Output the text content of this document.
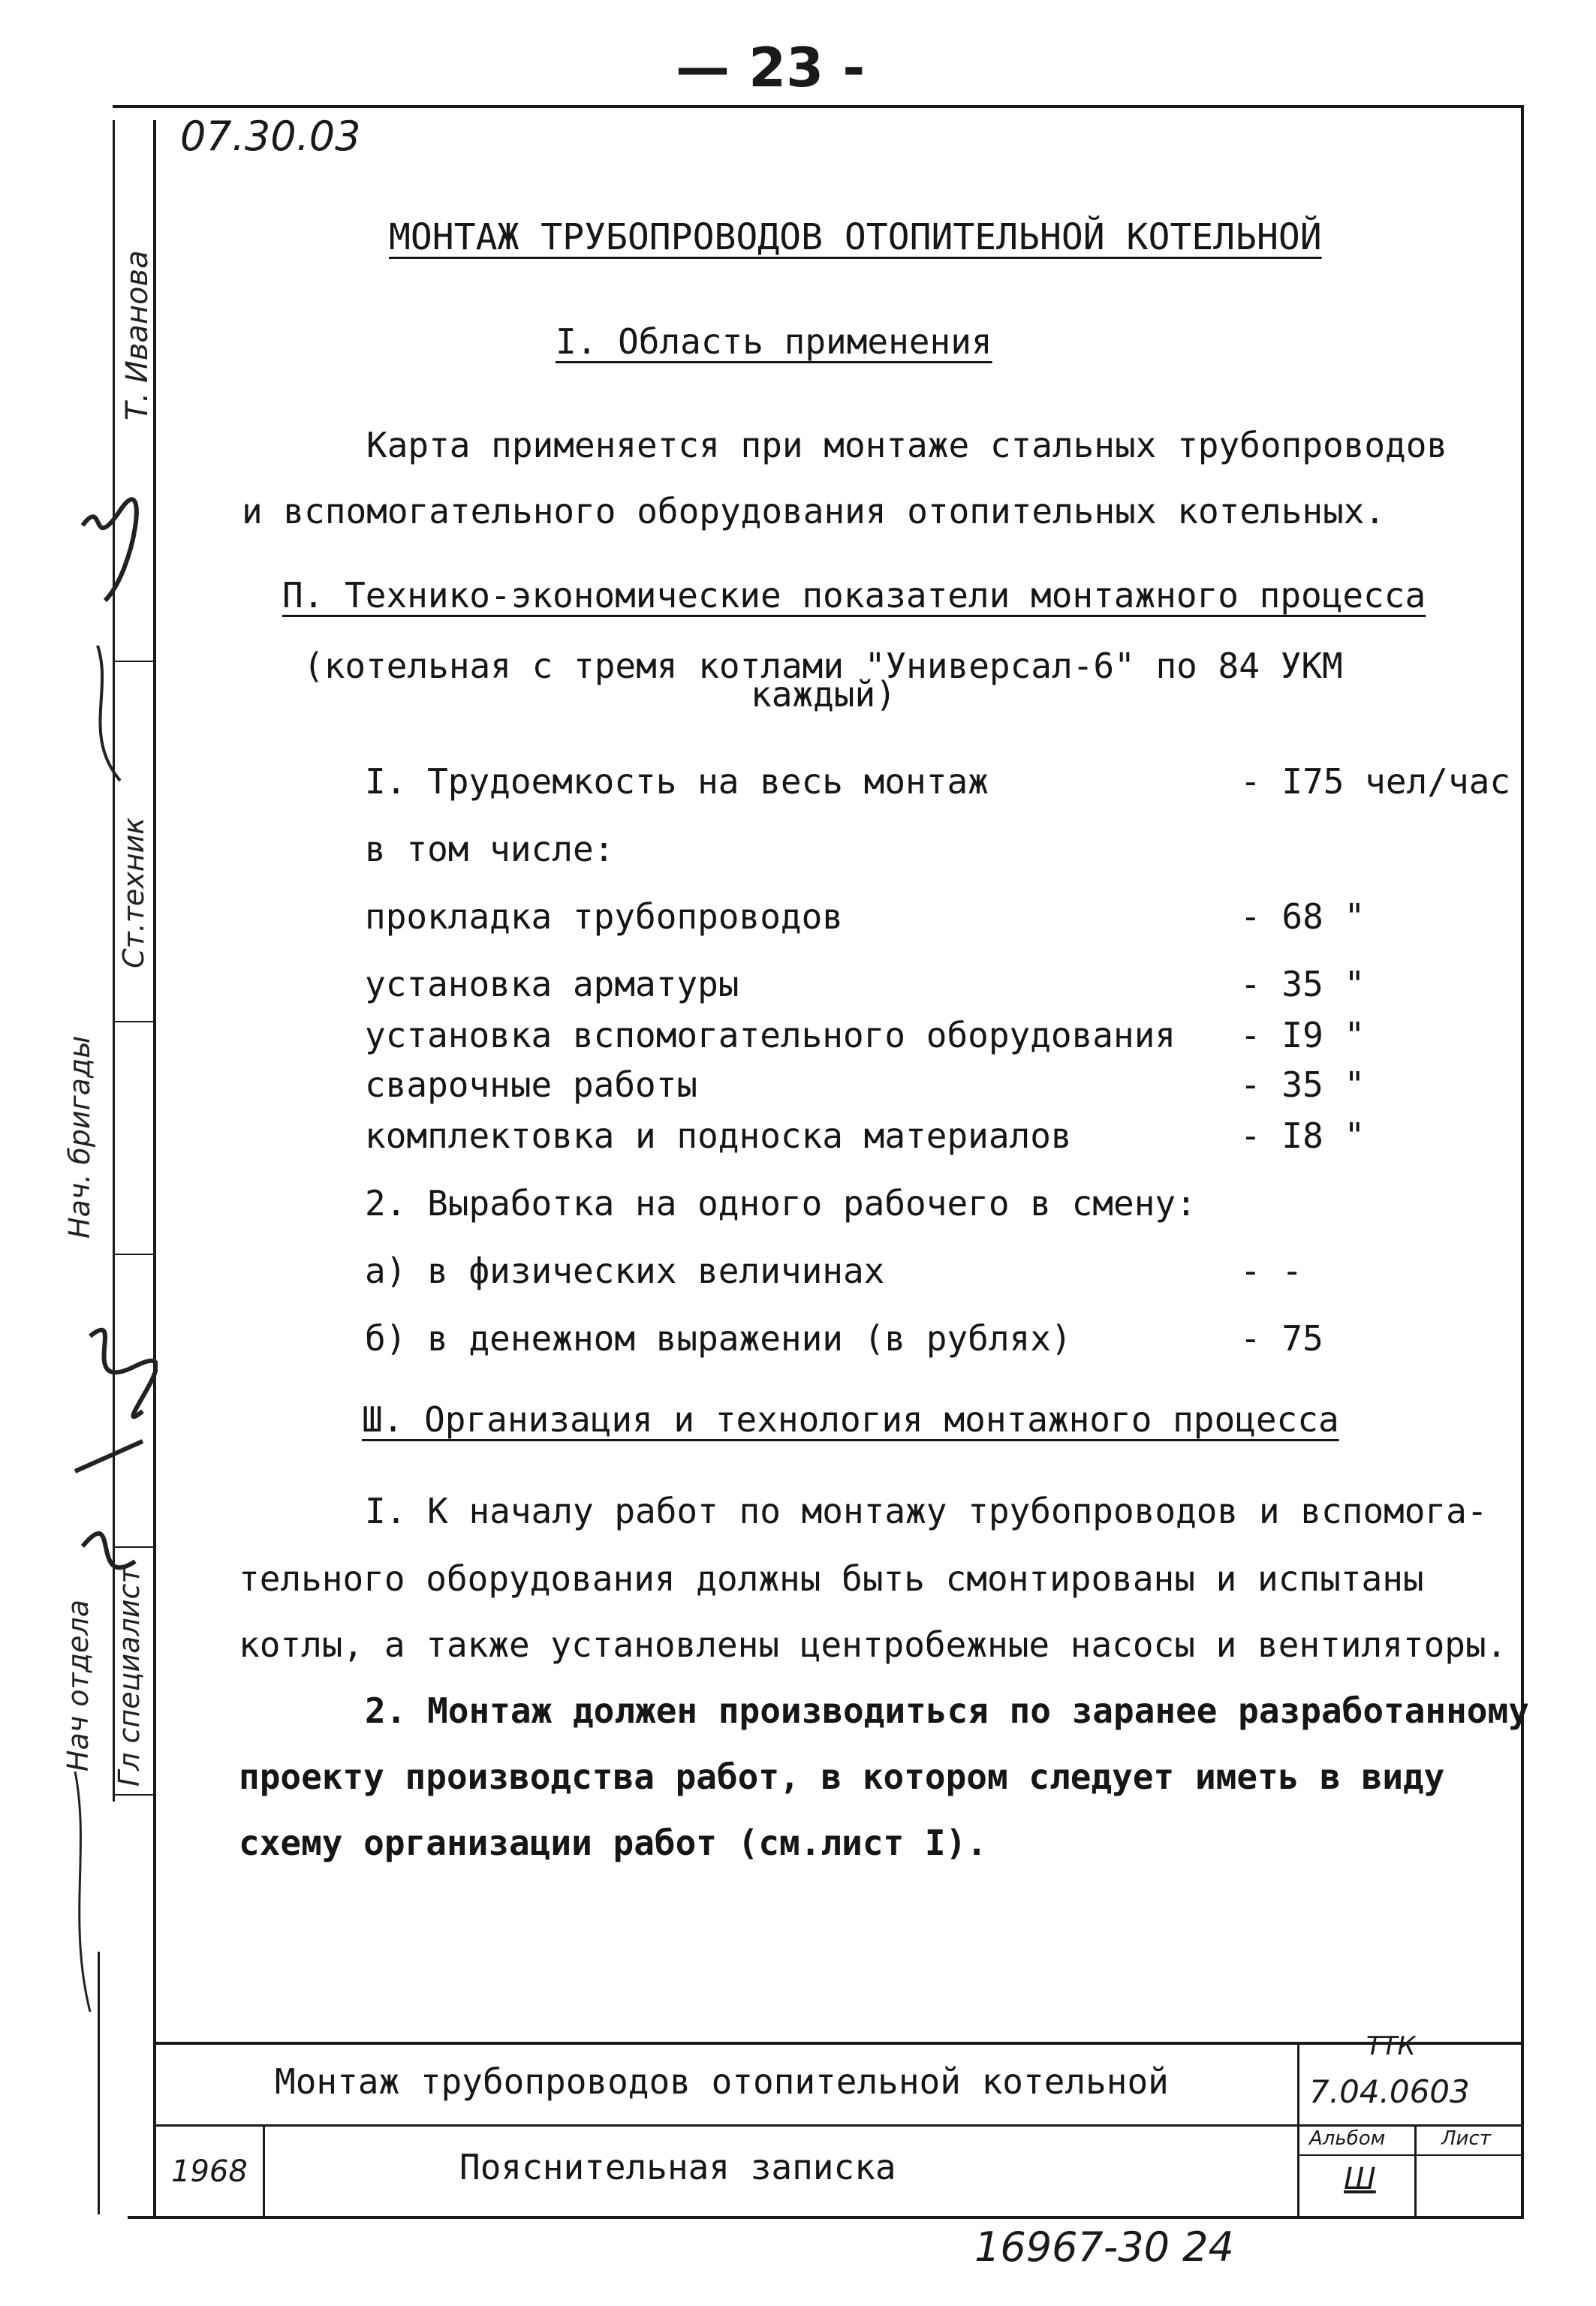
— 23 -
07.30.03
МОНТАЖ ТРУБОПРОВОДОВ ОТОПИТЕЛЬНОЙ КОТЕЛЬНОЙ
I. Область применения
Карта применяется при монтаже стальных трубопроводов
и вспомогательного оборудования отопительных котельных.
П. Технико-экономические показатели монтажного процесса
(котельная с тремя котлами "Универсал-6" по 84 УКМ
каждый)
I. Трудоемкость на весь монтаж	- I75 чел/час
в том числе:
прокладка трубопроводов	- 68 "
установка арматуры	- 35 "
установка вспомогательного оборудования - I9 "
сварочные работы	- 35 "
комплектовка и подноска материалов	- I8 "
2. Выработка на одного рабочего в смену:
а) в физических величинах	- -
б) в денежном выражении (в рублях)	- 75
Ш. Организация и технология монтажного процесса
I. К началу работ по монтажу трубопроводов и вспомога-
тельного оборудования должны быть смонтированы и испытаны
котлы, а также установлены центробежные насосы и вентиляторы.
2. Монтаж должен производиться по заранее разработанному
проекту производства работ, в котором следует иметь в виду
схему организации работ (см.лист I).
Монтаж трубопроводов отопительной котельной
Пояснительная записка
1968
ТТК
7.04.0603
Альбом
Ш
Лист
16967-30 24
Нач отдела Гл специалист
Нач. бригады
Ст.техник
Т. Иванова
